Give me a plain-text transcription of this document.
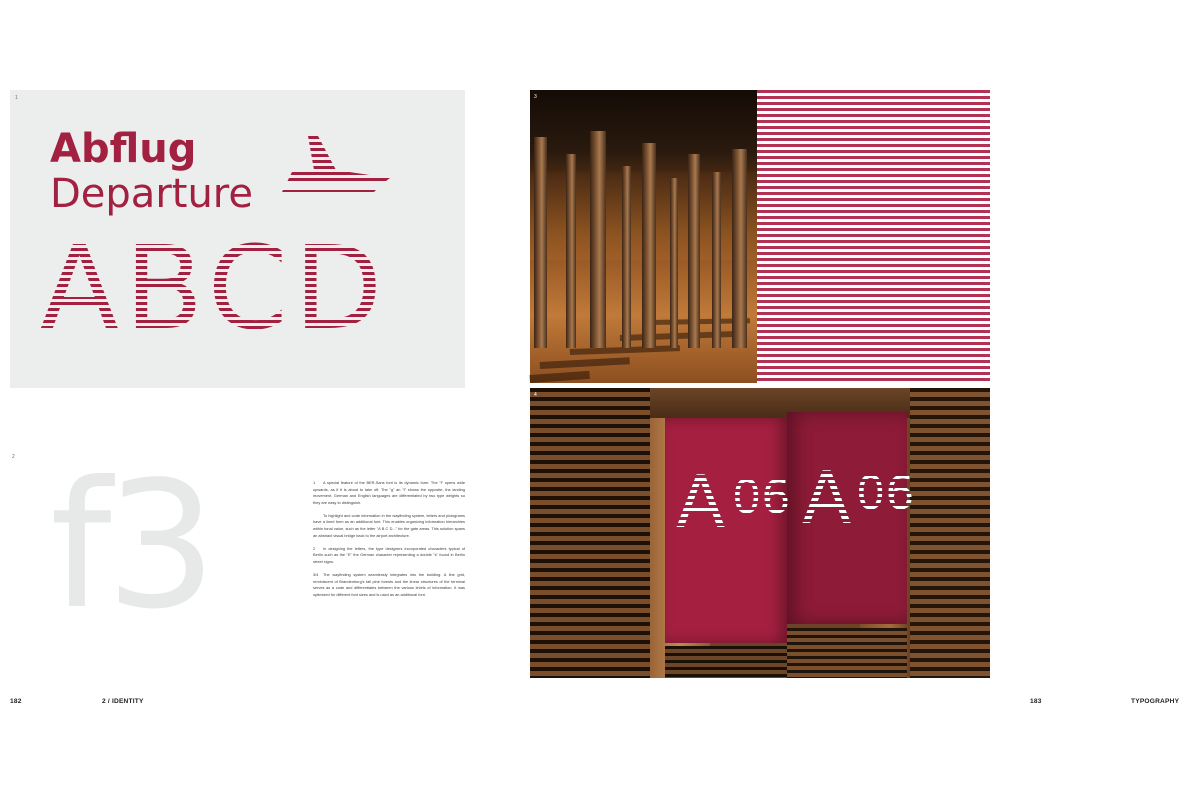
1

Abflug

Departure

ABCD

2 f3	1 A special feature of the BER-Sans font is its dynamic form. The "f" opens wide upwards, as if it is about to take off. The "g" an "t" shows the opposite, the landing movement. German and English languages are differentiated by two type weights so they are easy to distinguish.

To highlight and code information in the wayfinding system, letters and pictograms have a lined form as an additional font. This enables organizing information hierarchies within tonal value, such as the letter "A B C D..." for the gate areas. This solution spans an abstract visual bridge back to the airport architecture.

2 In designing the letters, the type designers incorporated characters typical of Berlin such as the "E" the German character representing a double "s" found in Berlin street signs.

3/4 The wayfinding system seamlessly integrates into the building. A line grid, reminiscent of Brandenburg's tall pine forests and the linear structures of the terminal serves as a code and differentiates between the various levels of information. It was optimized for different font sizes and is used as an additional font.

182	2 / IDENTITY	183	TYPOGRAPHY
3
4
A 06 A 06
